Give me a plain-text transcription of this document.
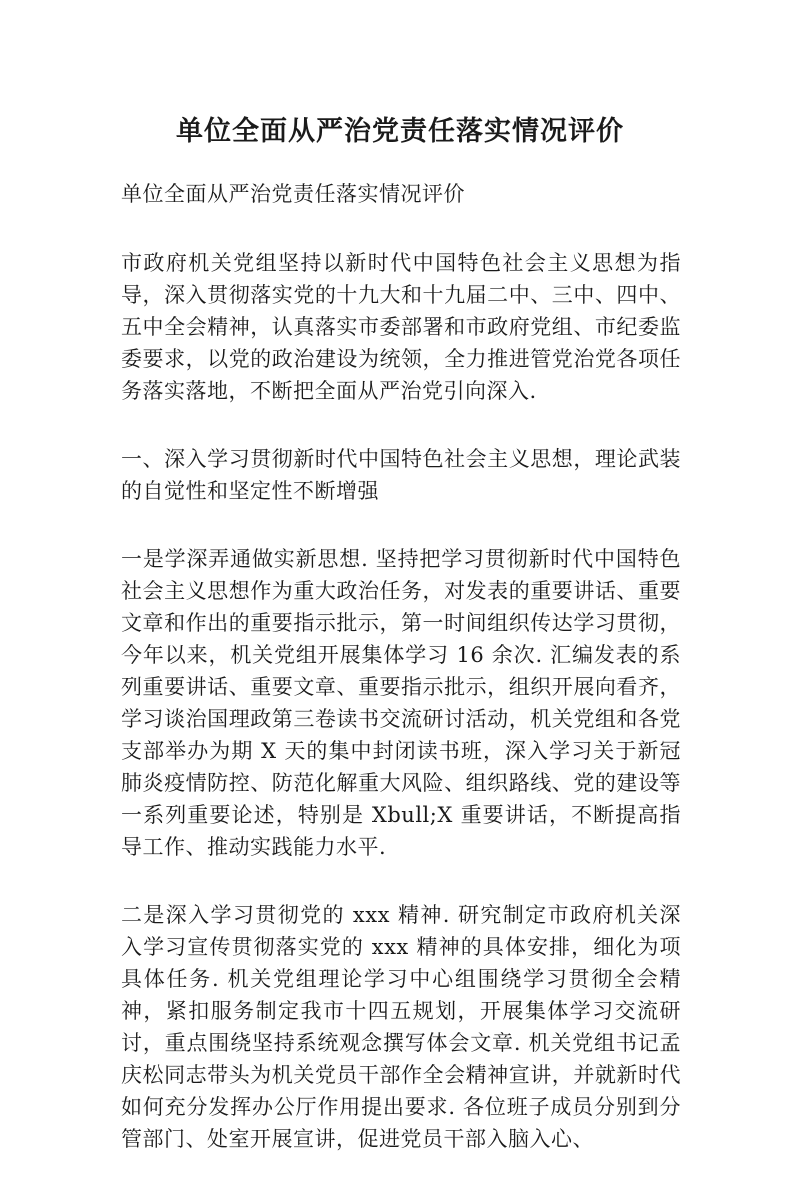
单位全面从严治党责任落实情况评价

单位全面从严治党责任落实情况评价

市政府机关党组坚持以新时代中国特色社会主义思想为指导，深入贯彻落实党的十九大和十九届二中、三中、四中、五中全会精神，认真落实市委部署和市政府党组、市纪委监委要求，以党的政治建设为统领，全力推进管党治党各项任务落实落地，不断把全面从严治党引向深入.

一、深入学习贯彻新时代中国特色社会主义思想，理论武装的自觉性和坚定性不断增强

一是学深弄通做实新思想. 坚持把学习贯彻新时代中国特色社会主义思想作为重大政治任务，对发表的重要讲话、重要文章和作出的重要指示批示，第一时间组织传达学习贯彻，今年以来，机关党组开展集体学习 16 余次. 汇编发表的系列重要讲话、重要文章、重要指示批示，组织开展向看齐，学习谈治国理政第三卷读书交流研讨活动，机关党组和各党支部举办为期 X 天的集中封闭读书班，深入学习关于新冠肺炎疫情防控、防范化解重大风险、组织路线、党的建设等一系列重要论述，特别是 Xbull;X 重要讲话，不断提高指导工作、推动实践能力水平.

二是深入学习贯彻党的 xxx 精神. 研究制定市政府机关深入学习宣传贯彻落实党的 xxx 精神的具体安排，细化为项具体任务. 机关党组理论学习中心组围绕学习贯彻全会精神，紧扣服务制定我市十四五规划，开展集体学习交流研讨，重点围绕坚持系统观念撰写体会文章. 机关党组书记孟庆松同志带头为机关党员干部作全会精神宣讲，并就新时代如何充分发挥办公厅作用提出要求. 各位班子成员分别到分管部门、处室开展宣讲，促进党员干部入脑入心、
